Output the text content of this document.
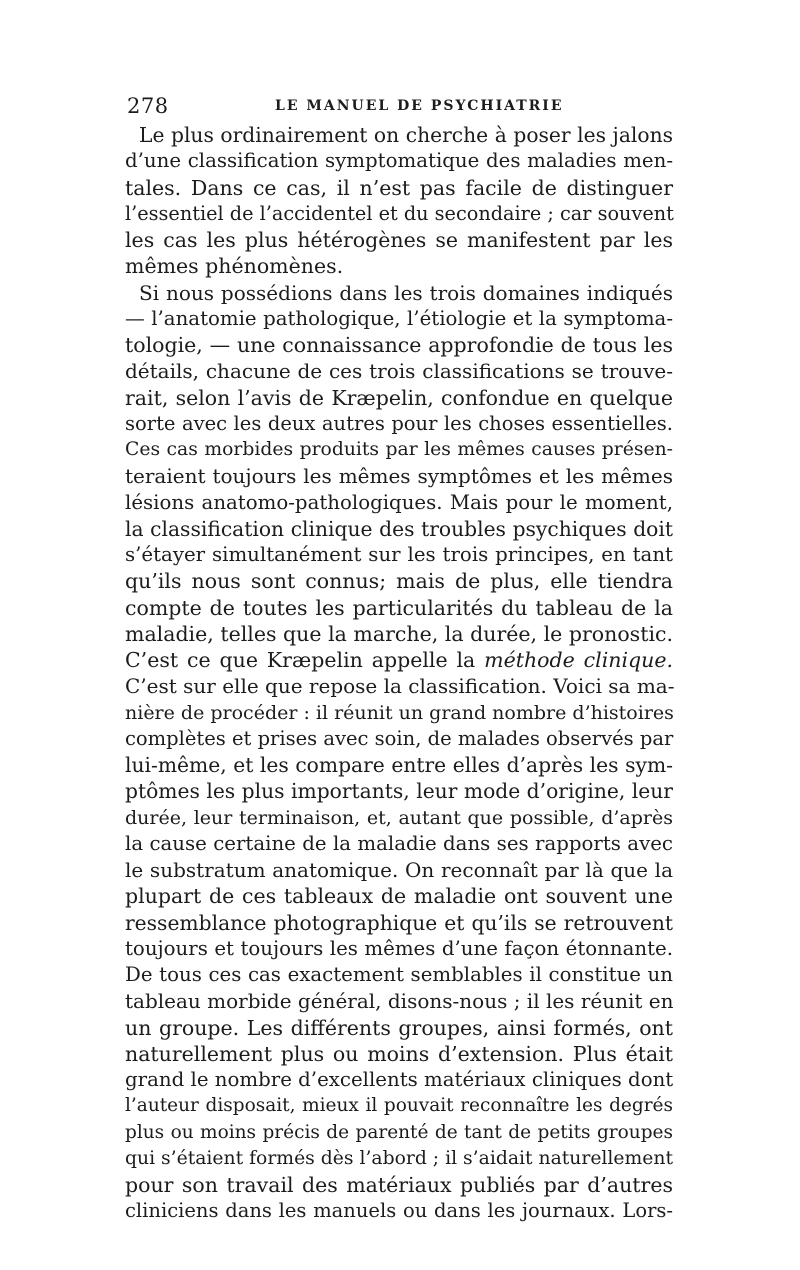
278	LE MANUEL DE PSYCHIATRIE
Le plus ordinairement on cherche à poser les jalons
d’une classification symptomatique des maladies men-
tales. Dans ce cas, il n’est pas facile de distinguer
l’essentiel de l’accidentel et du secondaire ; car souvent
les cas les plus hétérogènes se manifestent par les
mêmes phénomènes.
Si nous possédions dans les trois domaines indiqués
— l’anatomie pathologique, l’étiologie et la symptoma-
tologie, — une connaissance approfondie de tous les
détails, chacune de ces trois classifications se trouve-
rait, selon l’avis de Kræpelin, confondue en quelque
sorte avec les deux autres pour les choses essentielles.
Ces cas morbides produits par les mêmes causes présen-
teraient toujours les mêmes symptômes et les mêmes
lésions anatomo-pathologiques. Mais pour le moment,
la classification clinique des troubles psychiques doit
s’étayer simultanément sur les trois principes, en tant
qu’ils nous sont connus; mais de plus, elle tiendra
compte de toutes les particularités du tableau de la
maladie, telles que la marche, la durée, le pronostic.
C’est ce que Kræpelin appelle la méthode clinique.
C’est sur elle que repose la classification. Voici sa ma-
nière de procéder : il réunit un grand nombre d’histoires
complètes et prises avec soin, de malades observés par
lui-même, et les compare entre elles d’après les sym-
ptômes les plus importants, leur mode d’origine, leur
durée, leur terminaison, et, autant que possible, d’après
la cause certaine de la maladie dans ses rapports avec
le substratum anatomique. On reconnaît par là que la
plupart de ces tableaux de maladie ont souvent une
ressemblance photographique et qu’ils se retrouvent
toujours et toujours les mêmes d’une façon étonnante.
De tous ces cas exactement semblables il constitue un
tableau morbide général, disons-nous ; il les réunit en
un groupe. Les différents groupes, ainsi formés, ont
naturellement plus ou moins d’extension. Plus était
grand le nombre d’excellents matériaux cliniques dont
l’auteur disposait, mieux il pouvait reconnaître les degrés
plus ou moins précis de parenté de tant de petits groupes
qui s’étaient formés dès l’abord ; il s’aidait naturellement
pour son travail des matériaux publiés par d’autres
cliniciens dans les manuels ou dans les journaux. Lors-
